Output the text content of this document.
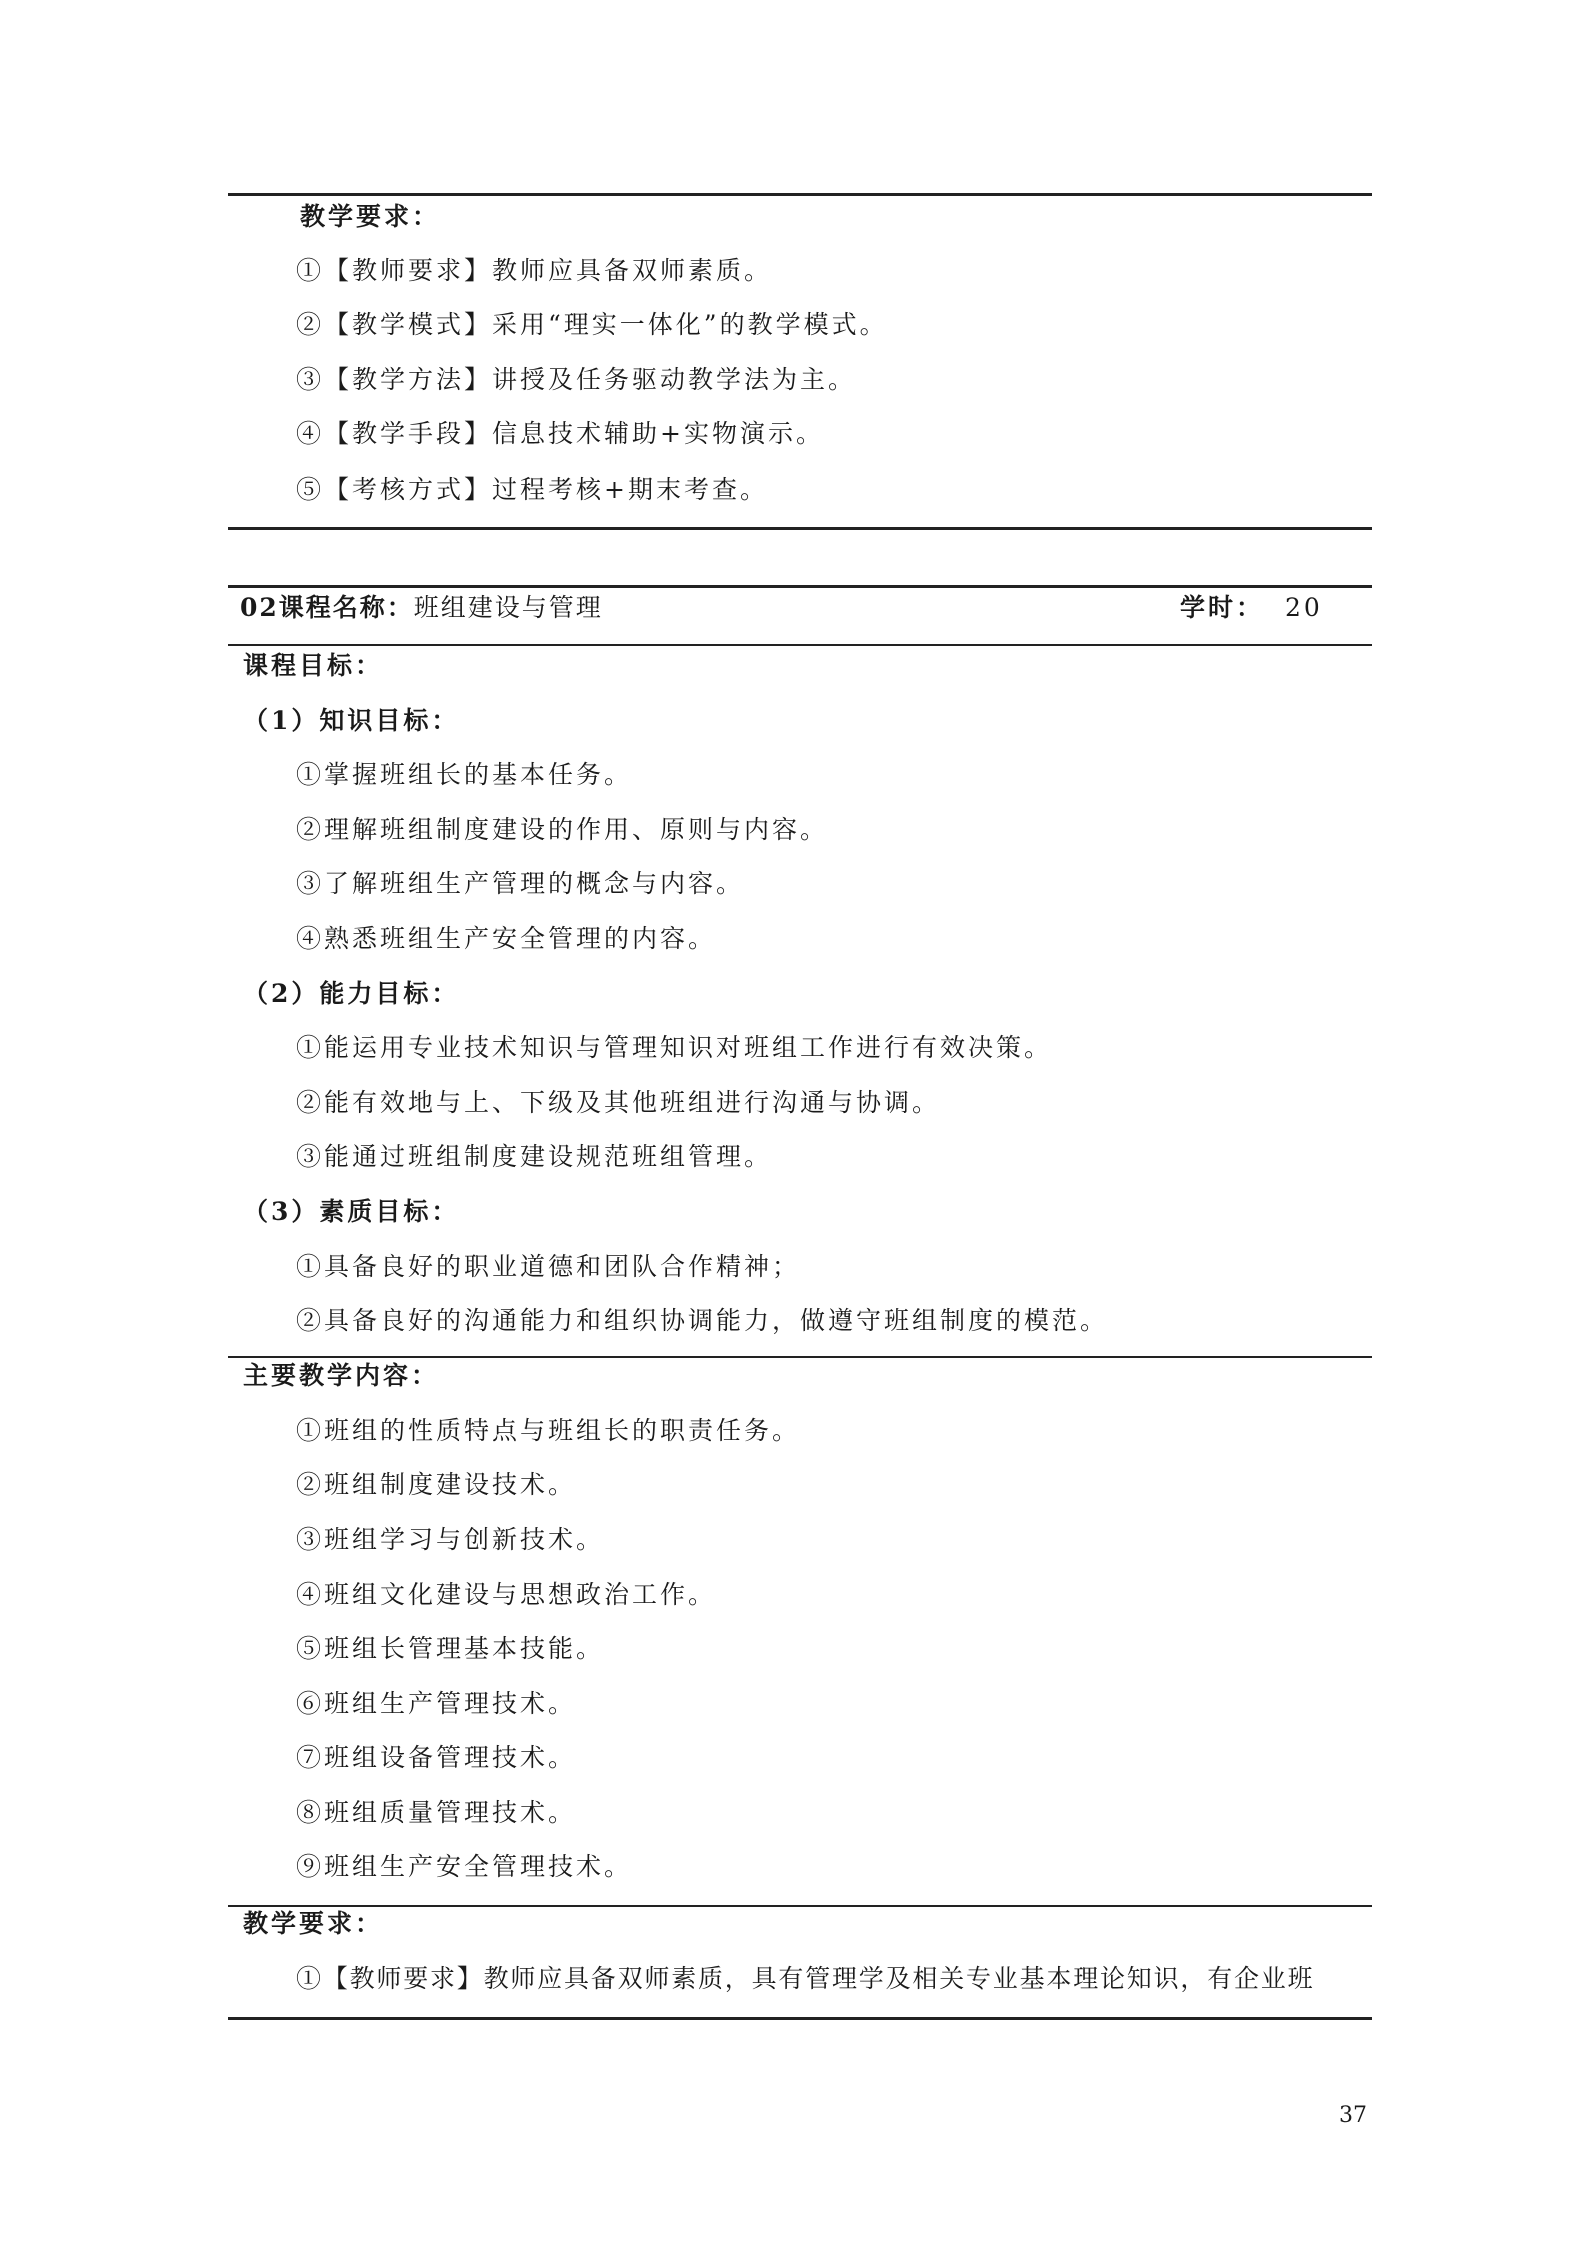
教学要求：
①【教师要求】教师应具备双师素质。
②【教学模式】采用“理实一体化”的教学模式。
③【教学方法】讲授及任务驱动教学法为主。
④【教学手段】信息技术辅助+实物演示。
⑤【考核方式】过程考核+期末考查。
02课程名称：班组建设与管理	学时： 20
课程目标：
（1）知识目标：
①掌握班组长的基本任务。
②理解班组制度建设的作用、原则与内容。
③了解班组生产管理的概念与内容。
④熟悉班组生产安全管理的内容。
（2）能力目标：
①能运用专业技术知识与管理知识对班组工作进行有效决策。
②能有效地与上、下级及其他班组进行沟通与协调。
③能通过班组制度建设规范班组管理。
（3）素质目标：
①具备良好的职业道德和团队合作精神；
②具备良好的沟通能力和组织协调能力，做遵守班组制度的模范。
主要教学内容：
①班组的性质特点与班组长的职责任务。
②班组制度建设技术。
③班组学习与创新技术。
④班组文化建设与思想政治工作。
⑤班组长管理基本技能。
⑥班组生产管理技术。
⑦班组设备管理技术。
⑧班组质量管理技术。
⑨班组生产安全管理技术。
教学要求：
①【教师要求】教师应具备双师素质，具有管理学及相关专业基本理论知识，有企业班
37
